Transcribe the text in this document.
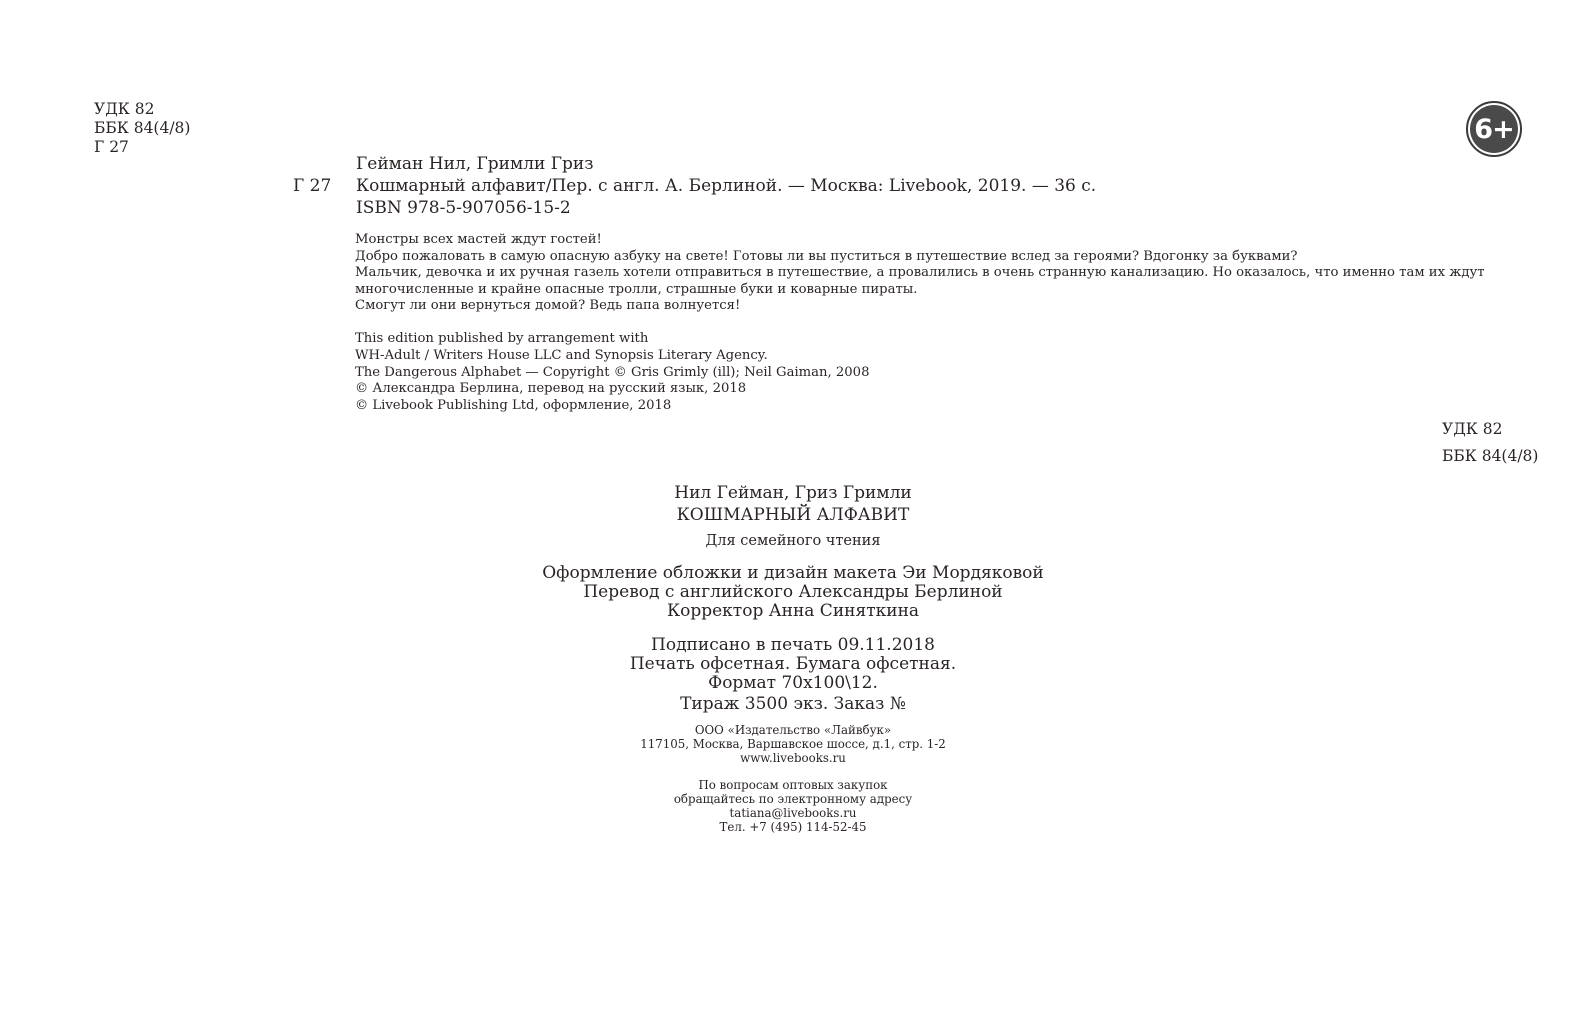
УДК 82
ББК 84(4/8)
Г 27
6+
Г 27
Гейман Нил, Гримли Гриз
Кошмарный алфавит/Пер. с англ. А. Берлиной. — Москва: Livebook, 2019. — 36 с.
ISBN 978-5-907056-15-2
Монстры всех мастей ждут гостей!
Добро пожаловать в самую опасную азбуку на свете! Готовы ли вы пуститься в путешествие вслед за героями? Вдогонку за буквами?
Мальчик, девочка и их ручная газель хотели отправиться в путешествие, а провалились в очень странную канализацию. Но оказалось, что именно там их ждут
многочисленные и крайне опасные тролли, страшные буки и коварные пираты.
Смогут ли они вернуться домой? Ведь папа волнуется!
This edition published by arrangement with
WH-Adult / Writers House LLC and Synopsis Literary Agency.
The Dangerous Alphabet — Copyright © Gris Grimly (ill); Neil Gaiman, 2008
© Александра Берлина, перевод на русский язык, 2018
© Livebook Publishing Ltd, оформление, 2018
УДК 82
ББК 84(4/8)
Нил Гейман, Гриз Гримли
КОШМАРНЫЙ АЛФАВИТ
Для семейного чтения
Оформление обложки и дизайн макета Эи Мордяковой
Перевод с английского Александры Берлиной
Корректор Анна Синяткина
Подписано в печать 09.11.2018
Печать офсетная. Бумага офсетная.
Формат 70х100\12.
Тираж 3500 экз. Заказ №
ООО «Издательство «Лайвбук»
117105, Москва, Варшавское шоссе, д.1, стр. 1-2
www.livebooks.ru
По вопросам оптовых закупок
обращайтесь по электронному адресу
tatiana@livebooks.ru
Тел. +7 (495) 114-52-45
